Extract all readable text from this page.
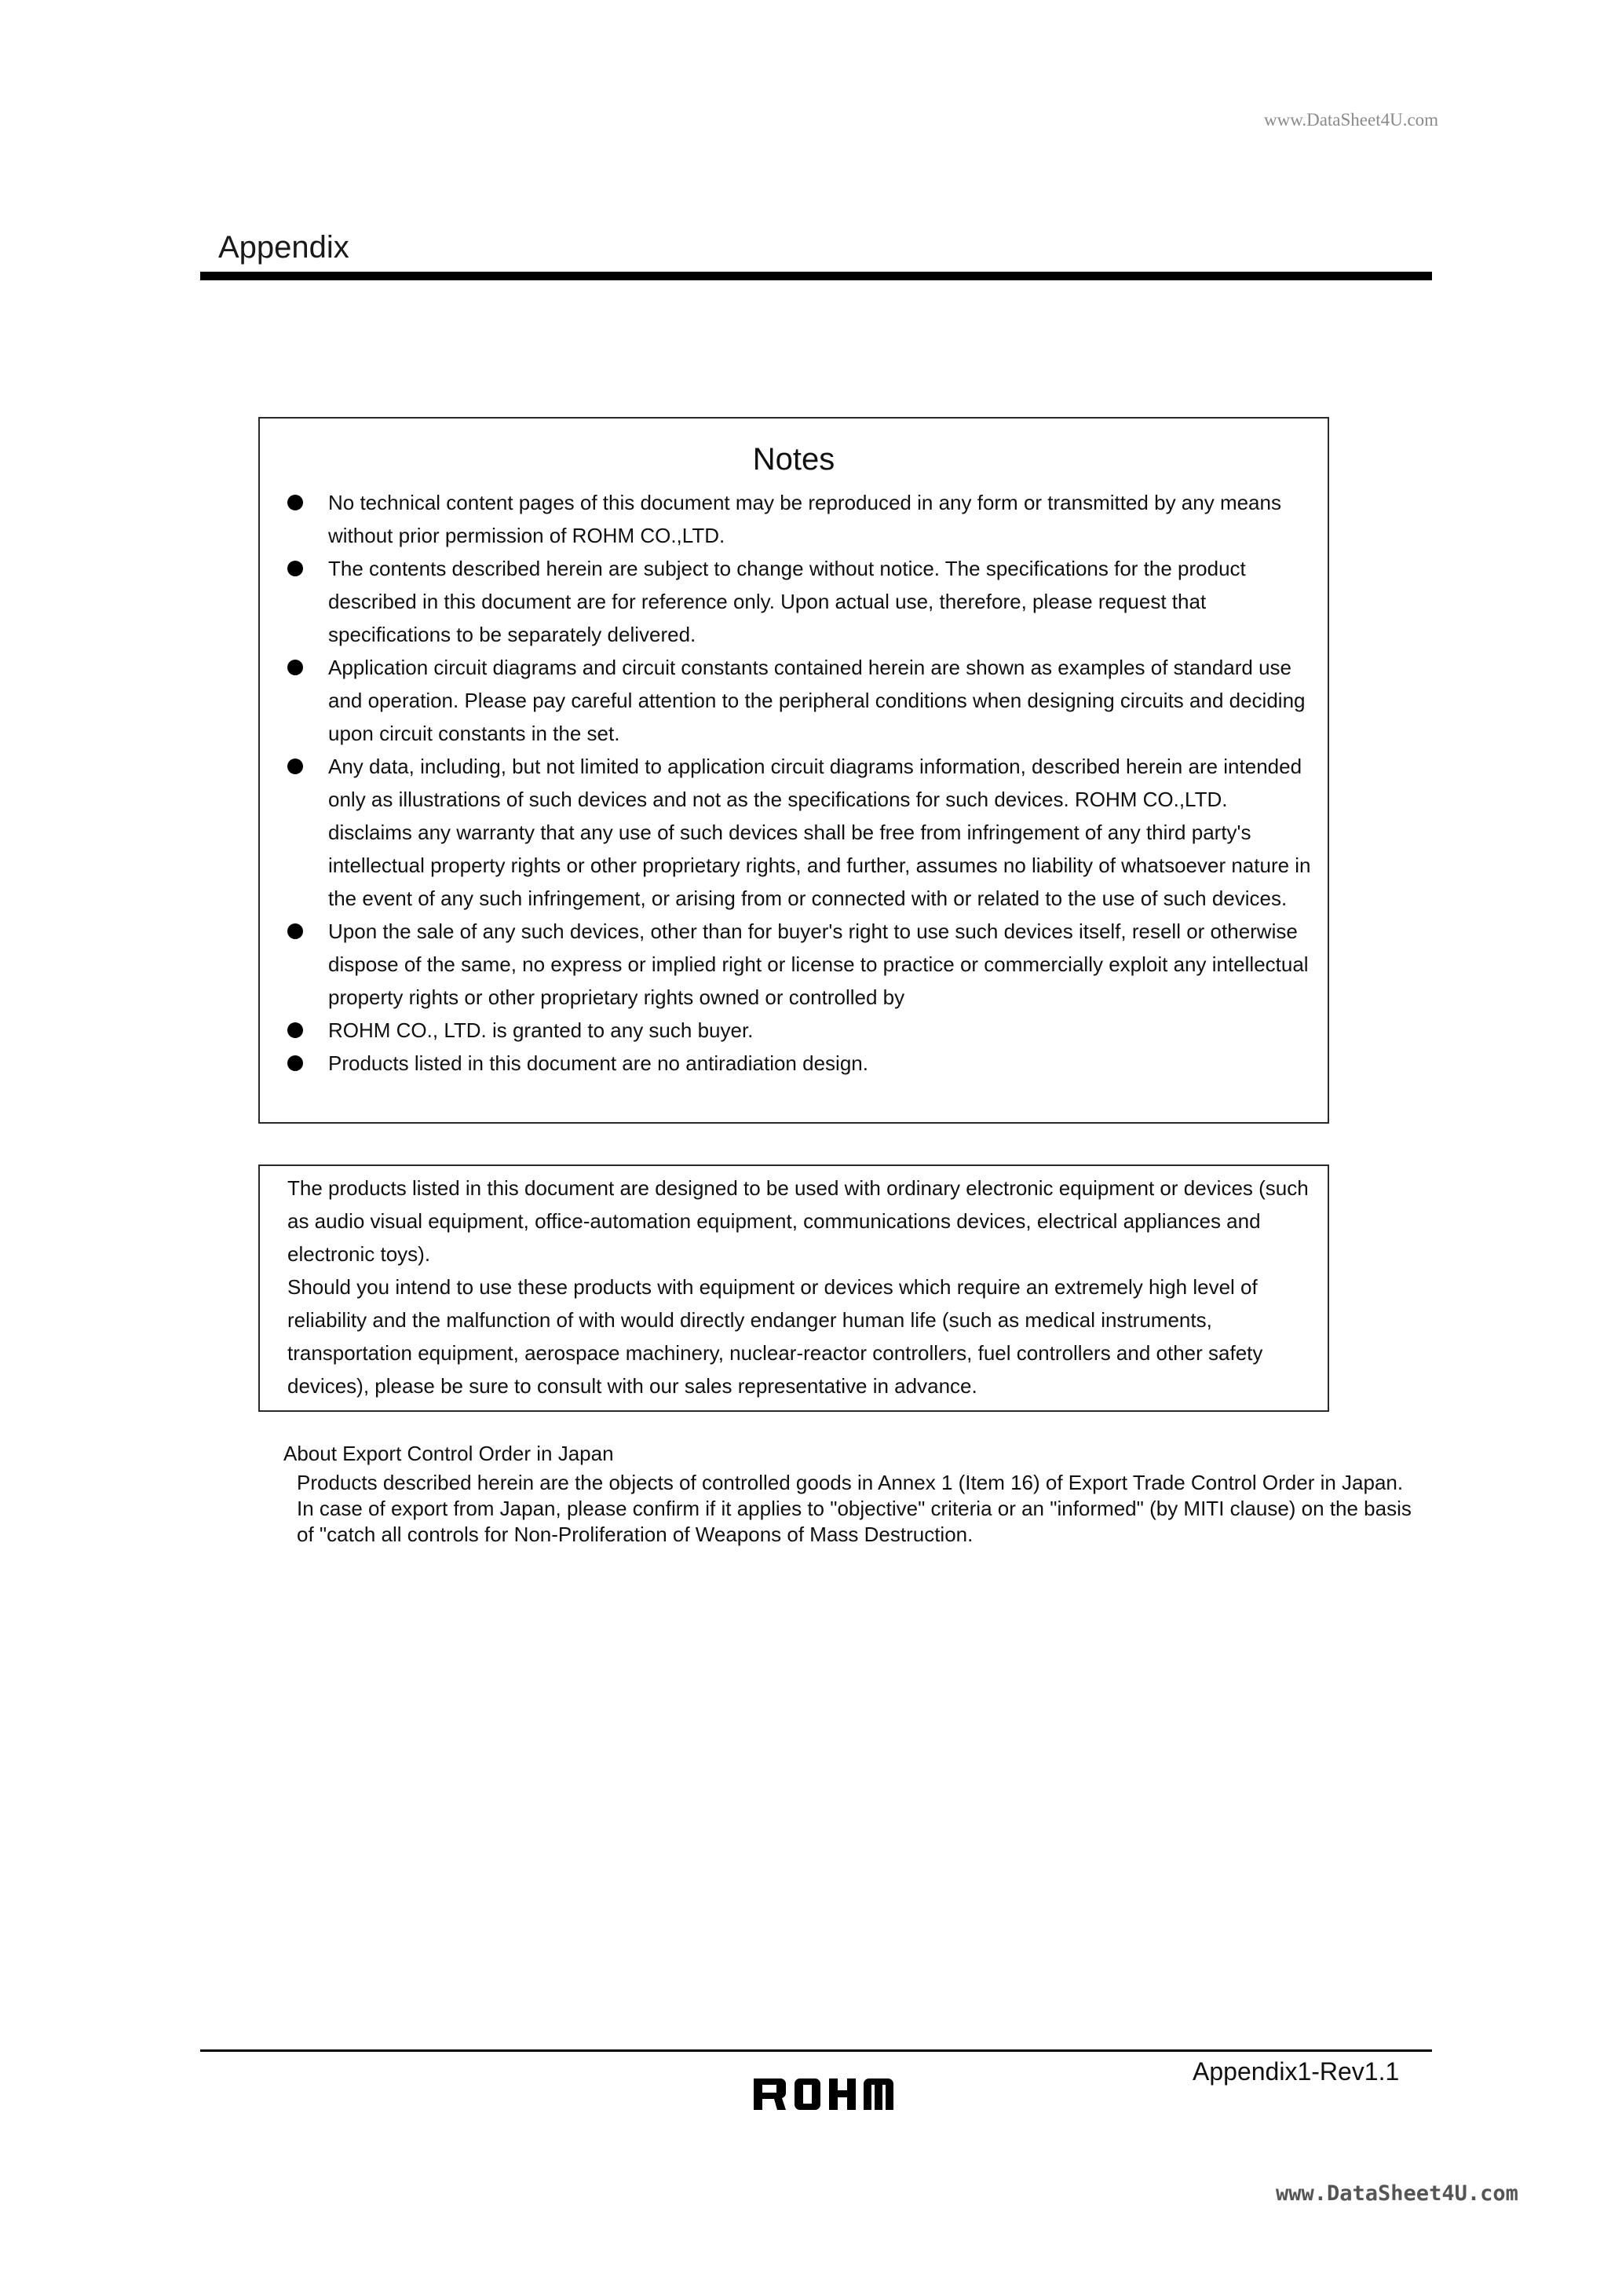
www.DataSheet4U.com
Appendix
Notes
No technical content pages of this document may be reproduced in any form or transmitted by any means without prior permission of ROHM CO.,LTD.
The contents described herein are subject to change without notice. The specifications for the product described in this document are for reference only. Upon actual use, therefore, please request that specifications to be separately delivered.
Application circuit diagrams and circuit constants contained herein are shown as examples of standard use and operation. Please pay careful attention to the peripheral conditions when designing circuits and deciding upon circuit constants in the set.
Any data, including, but not limited to application circuit diagrams information, described herein are intended only as illustrations of such devices and not as the specifications for such devices. ROHM CO.,LTD. disclaims any warranty that any use of such devices shall be free from infringement of any third party's intellectual property rights or other proprietary rights, and further, assumes no liability of whatsoever nature in the event of any such infringement, or arising from or connected with or related to the use of such devices.
Upon the sale of any such devices, other than for buyer's right to use such devices itself, resell or otherwise dispose of the same, no express or implied right or license to practice or commercially exploit any intellectual property rights or other proprietary rights owned or controlled by
ROHM CO., LTD. is granted to any such buyer.
Products listed in this document are no antiradiation design.
The products listed in this document are designed to be used with ordinary electronic equipment or devices (such as audio visual equipment, office-automation equipment, communications devices, electrical appliances and electronic toys).
Should you intend to use these products with equipment or devices which require an extremely high level of reliability and the malfunction of with would directly endanger human life (such as medical instruments, transportation equipment, aerospace machinery, nuclear-reactor controllers, fuel controllers and other safety devices), please be sure to consult with our sales representative in advance.
About Export Control Order in Japan
Products described herein are the objects of controlled goods in Annex 1 (Item 16) of Export Trade Control Order in Japan.
In case of export from Japan, please confirm if it applies to "objective" criteria or an "informed" (by MITI clause) on the basis of "catch all controls for Non-Proliferation of Weapons of Mass Destruction.
Appendix1-Rev1.1
www.DataSheet4U.com
